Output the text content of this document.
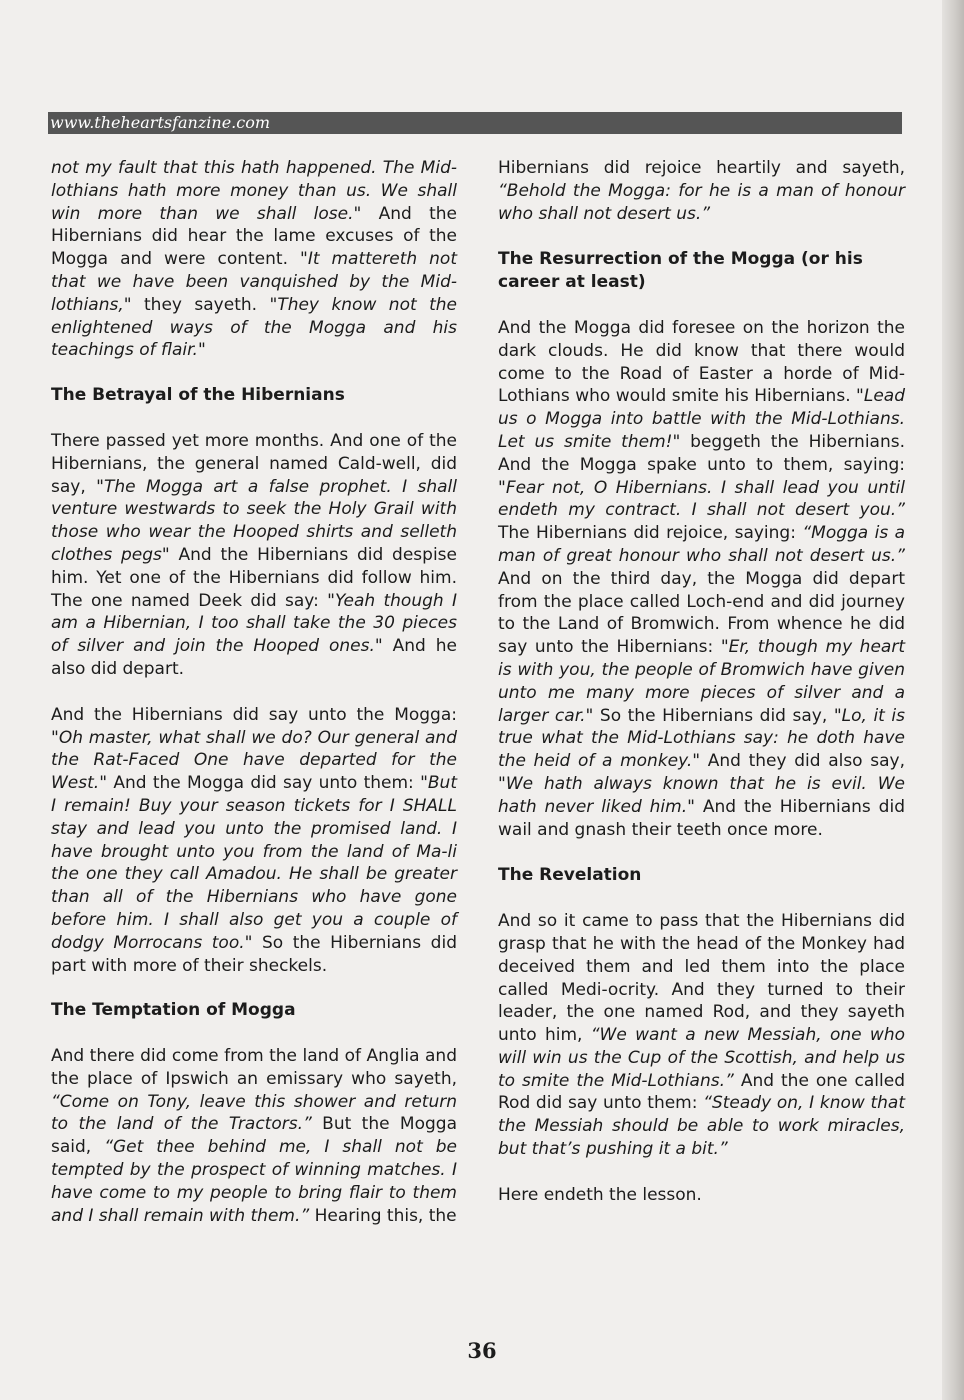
www.theheartsfanzine.com

not my fault that this hath happened. The Mid-lothians hath more money than us. We shall win more than we shall lose." And the Hibernians did hear the lame excuses of the Mogga and were content. "It mattereth not that we have been vanquished by the Mid-lothians," they sayeth. "They know not the enlightened ways of the Mogga and his teachings of flair."

The Betrayal of the Hibernians

There passed yet more months. And one of the Hibernians, the general named Cald-well, did say, "The Mogga art a false prophet. I shall venture westwards to seek the Holy Grail with those who wear the Hooped shirts and selleth clothes pegs" And the Hibernians did despise him. Yet one of the Hibernians did follow him. The one named Deek did say: "Yeah though I am a Hibernian, I too shall take the 30 pieces of silver and join the Hooped ones." And he also did depart.

And the Hibernians did say unto the Mogga: "Oh master, what shall we do? Our general and the Rat-Faced One have departed for the West." And the Mogga did say unto them: "But I remain! Buy your season tickets for I SHALL stay and lead you unto the promised land. I have brought unto you from the land of Ma-li the one they call Amadou. He shall be greater than all of the Hibernians who have gone before him. I shall also get you a couple of dodgy Morrocans too." So the Hibernians did part with more of their sheckels.

The Temptation of Mogga

And there did come from the land of Anglia and the place of Ipswich an emissary who sayeth, “Come on Tony, leave this shower and return to the land of the Tractors.” But the Mogga said, “Get thee behind me, I shall not be tempted by the prospect of winning matches. I have come to my people to bring flair to them and I shall remain with them.” Hearing this, the

Hibernians did rejoice heartily and sayeth, “Behold the Mogga: for he is a man of honour who shall not desert us.”

The Resurrection of the Mogga (or his career at least)

And the Mogga did foresee on the horizon the dark clouds. He did know that there would come to the Road of Easter a horde of Mid-Lothians who would smite his Hibernians. "Lead us o Mogga into battle with the Mid-Lothians. Let us smite them!" beggeth the Hibernians. And the Mogga spake unto to them, saying: "Fear not, O Hibernians. I shall lead you until endeth my contract. I shall not desert you.” The Hibernians did rejoice, saying: “Mogga is a man of great honour who shall not desert us.” And on the third day, the Mogga did depart from the place called Loch-end and did journey to the Land of Bromwich. From whence he did say unto the Hibernians: "Er, though my heart is with you, the people of Bromwich have given unto me many more pieces of silver and a larger car." So the Hibernians did say, "Lo, it is true what the Mid-Lothians say: he doth have the heid of a monkey." And they did also say, "We hath always known that he is evil. We hath never liked him." And the Hibernians did wail and gnash their teeth once more.

The Revelation

And so it came to pass that the Hibernians did grasp that he with the head of the Monkey had deceived them and led them into the place called Medi-ocrity. And they turned to their leader, the one named Rod, and they sayeth unto him, “We want a new Messiah, one who will win us the Cup of the Scottish, and help us to smite the Mid-Lothians.” And the one called Rod did say unto them: “Steady on, I know that the Messiah should be able to work miracles, but that’s pushing it a bit.”

Here endeth the lesson.

36
